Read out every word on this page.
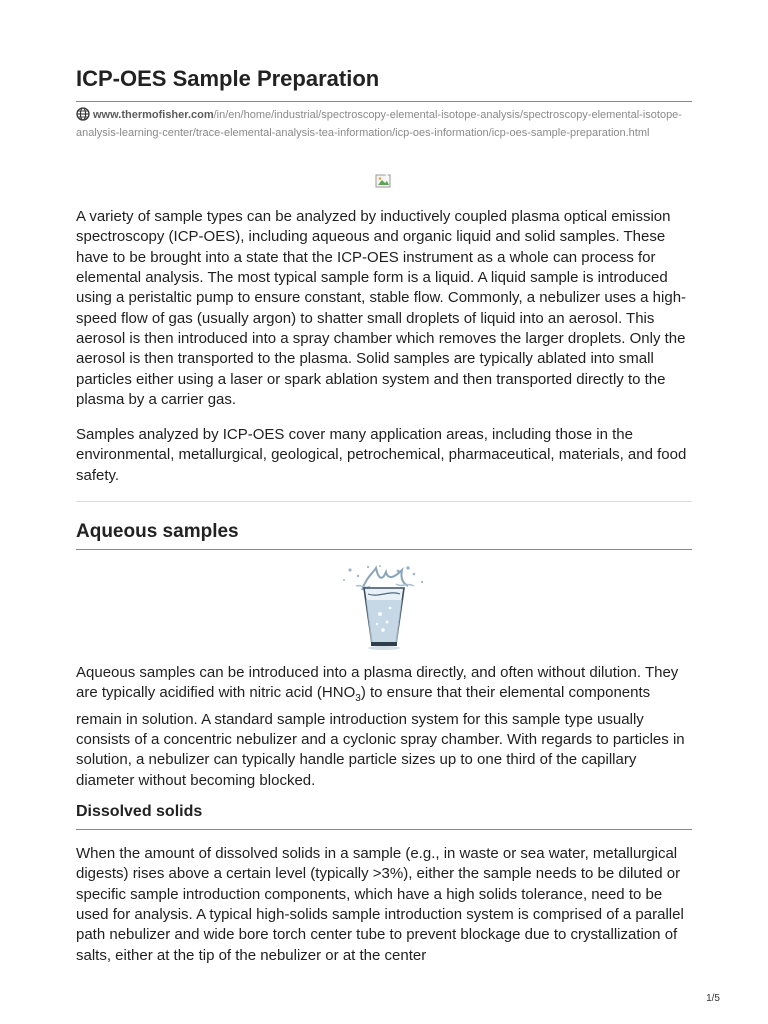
ICP-OES Sample Preparation
www.thermofisher.com/in/en/home/industrial/spectroscopy-elemental-isotope-analysis/spectroscopy-elemental-isotope-analysis-learning-center/trace-elemental-analysis-tea-information/icp-oes-information/icp-oes-sample-preparation.html

A variety of sample types can be analyzed by inductively coupled plasma optical emission spectroscopy (ICP-OES), including aqueous and organic liquid and solid samples. These have to be brought into a state that the ICP-OES instrument as a whole can process for elemental analysis. The most typical sample form is a liquid. A liquid sample is introduced using a peristaltic pump to ensure constant, stable flow. Commonly, a nebulizer uses a high-speed flow of gas (usually argon) to shatter small droplets of liquid into an aerosol. This aerosol is then introduced into a spray chamber which removes the larger droplets. Only the aerosol is then transported to the plasma. Solid samples are typically ablated into small particles either using a laser or spark ablation system and then transported directly to the plasma by a carrier gas.

Samples analyzed by ICP-OES cover many application areas, including those in the environmental, metallurgical, geological, petrochemical, pharmaceutical, materials, and food safety.

Aqueous samples

Aqueous samples can be introduced into a plasma directly, and often without dilution. They are typically acidified with nitric acid $(HNO_3)$ to ensure that their elemental components remain in solution. A standard sample introduction system for this sample type usually consists of a concentric nebulizer and a cyclonic spray chamber. With regards to particles in solution, a nebulizer can typically handle particle sizes up to one third of the capillary diameter without becoming blocked.

Dissolved solids

When the amount of dissolved solids in a sample (e.g., in waste or sea water, metallurgical digests) rises above a certain level (typically >3%), either the sample needs to be diluted or specific sample introduction components, which have a high solids tolerance, need to be used for analysis. A typical high-solids sample introduction system is comprised of a parallel path nebulizer and wide bore torch center tube to prevent blockage due to crystallization of salts, either at the tip of the nebulizer or at the center

1/5
